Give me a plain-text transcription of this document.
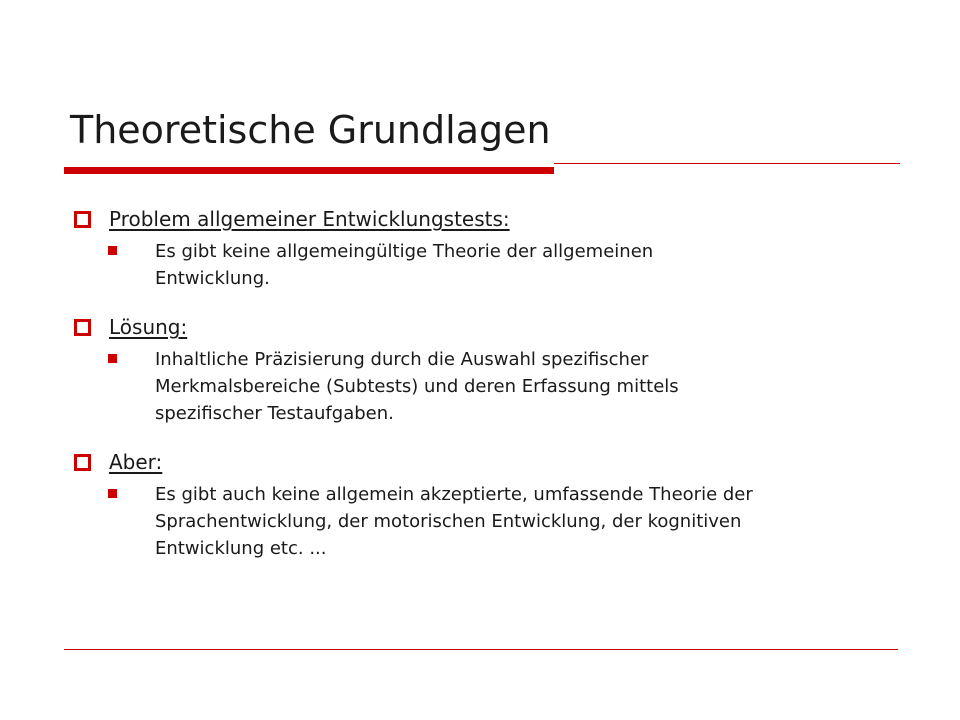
Theoretische Grundlagen
Problem allgemeiner Entwicklungstests:
Es gibt keine allgemeingültige Theorie der allgemeinen
Entwicklung.
Lösung:
Inhaltliche Präzisierung durch die Auswahl spezifischer
Merkmalsbereiche (Subtests) und deren Erfassung mittels
spezifischer Testaufgaben.
Aber:
Es gibt auch keine allgemein akzeptierte, umfassende Theorie der
Sprachentwicklung, der motorischen Entwicklung, der kognitiven
Entwicklung etc. ...
